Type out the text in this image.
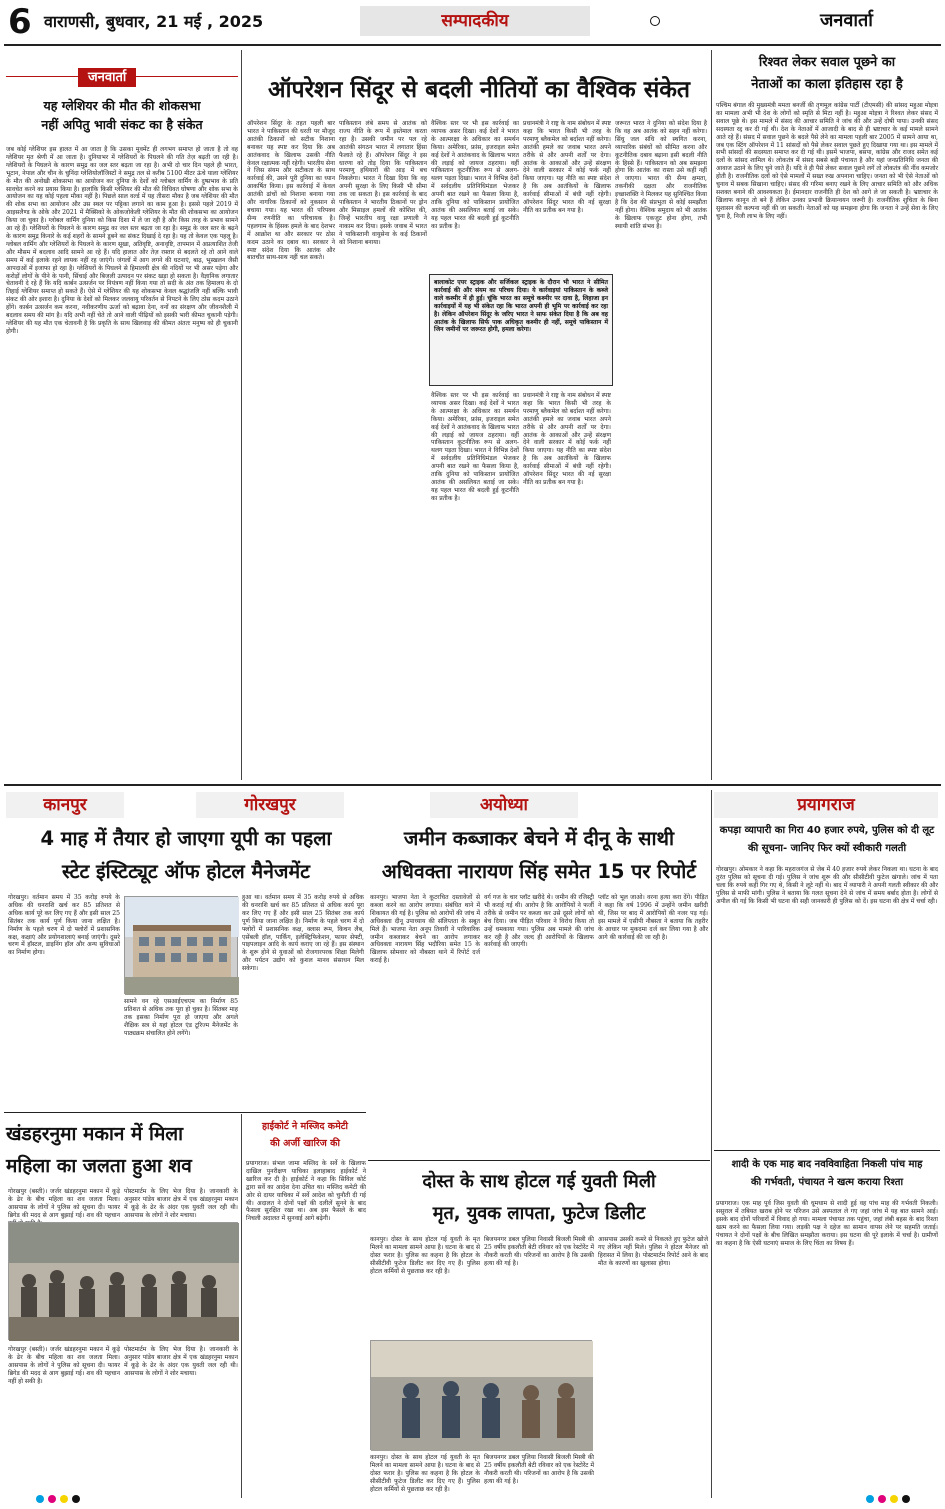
6 वाराणसी, बुधवार, 21 मई , 2025	सम्पादकीय	जनवार्ता
जनवार्ता
यह ग्लेशियर की मौत की शोकसभा
नहीं अपितु भावी संकट का है संकेत
जब कोई ग्लेशियर इस हालत में आ जाता है कि उसका मूवमेंट ही लगभग समाप्त हो जाता है तो वह ग्लेशियर मृत श्रेणी में आ जाता है। दुनियाभर में ग्लेशियरों के पिघलने की गति तेज़ बढ़ती जा रही है। ग्लेशियरों के पिघलने के कारण समुद्र का जल स्तर बढ़ता जा रहा है। अभी दो चार दिन पहले ही भारत, भूटान, नेपाल और चीन के चुनिंदा ग्लेशियोलॉजिस्टों ने समुद्र तल से करीब 5100 मीटर ऊंचे याला ग्लेशियर के मौत की अनोखी शोकसभा का आयोजन कर दुनिया के देशों को ग्लोबल वार्मिंग के दुष्प्रभाव के प्रति सावचेत करने का प्रयास किया है। हालांकि किसी ग्लेशियर की मौत की विधिवत घोषणा और शोक सभा के आयोजन का यह कोई पहला मौका नहीं है। पिछले साल वर्ल्ड में यह तीसरा मौका है जब ग्लेशियर की मौत की शोक सभा का आयोजन और उस स्थल पर पट्टिका लगाने का काम हुआ है। इससे पहले 2019 में आइसलैण्ड के ओके और 2021 में मैक्सिको के ओकजोकेली ग्लेशियर के मौत की शोकसभा का आयोजन किया जा चुका है। ग्लोबल वार्मिंग दुनिया को किस दिशा में ले जा रही है और किस तरह के प्रभाव सामने आ रहे हैं। ग्लेशियरों के पिघलने के कारण समुद्र का जल स्तर बढ़ता जा रहा है। समुद्र के जल स्तर के बढ़ने के कारण समुद्र किनारे के कई शहरों के सामने डूबने का संकट दिखाई दे रहा है। यह तो केवल एक पहलू है। ग्लोबल वार्मिंग और ग्लेशियरों के पिघलने के कारण सूखा, अतिवृष्टि, अनावृष्टि, तापमान में अप्रत्याशित तेजी और मौसम में बदलाव आदि सामने आ रहे हैं। यदि हालात और तेज़ रफ़्तार से बदलते रहे तो आने वाले समय में कई इलाके रहने लायक नहीं रह जाएंगे। जंगलों में आग लगने की घटनाएं, बाढ़, भूस्खलन जैसी आपदाओं में इजाफा हो रहा है। ग्लेशियरों के पिघलने से हिमालयी क्षेत्र की नदियों पर भी असर पड़ेगा और करोड़ों लोगों के पीने के पानी, सिंचाई और बिजली उत्पादन पर संकट खड़ा हो सकता है। वैज्ञानिक लगातार चेतावनी दे रहे हैं कि यदि कार्बन उत्सर्जन पर नियंत्रण नहीं किया गया तो सदी के अंत तक हिमालय के दो तिहाई ग्लेशियर समाप्त हो सकते हैं। ऐसे में ग्लेशियर की यह शोकसभा केवल श्रद्धांजलि नहीं बल्कि भावी संकट की ओर इशारा है। दुनिया के देशों को मिलकर जलवायु परिवर्तन से निपटने के लिए ठोस कदम उठाने होंगे। कार्बन उत्सर्जन कम करना, नवीकरणीय ऊर्जा को बढ़ावा देना, वनों का संरक्षण और जीवनशैली में बदलाव समय की मांग है। यदि अभी नहीं चेते तो आने वाली पीढ़ियों को इसकी भारी कीमत चुकानी पड़ेगी। ग्लेशियर की यह मौत एक चेतावनी है कि प्रकृति के साथ खिलवाड़ की कीमत अंततः मनुष्य को ही चुकानी होगी।
ऑपरेशन सिंदूर से बदली नीतियों का वैश्विक संकेत
ऑपरेशन सिंदूर के तहत पहली बार भारत ने पाकिस्तान की धरती पर मौजूद आतंकी ठिकानों को सटीक निशाना बनाकर यह स्पष्ट कर दिया कि अब आतंकवाद के खिलाफ उसकी नीति केवल रक्षात्मक नहीं रहेगी। भारतीय सेना ने जिस संयम और सटीकता के साथ कार्रवाई की, उसने पूरी दुनिया का ध्यान आकर्षित किया। इस कार्रवाई में केवल आतंकी ढांचों को निशाना बनाया गया और नागरिक ठिकानों को नुकसान से बचाया गया। यह भारत की परिपक्व सैन्य रणनीति का परिचायक है। पहलगाम के हिंसक हमले के बाद देशभर में आक्रोश था और सरकार पर ठोस कदम उठाने का दबाव था। सरकार ने स्पष्ट संदेश दिया कि आतंक और बातचीत साथ-साथ नहीं चल सकते।
पाकिस्तान लंबे समय से आतंक को राज्य नीति के रूप में इस्तेमाल करता रहा है। उसकी जमीन पर पल रहे आतंकी संगठन भारत में लगातार हिंसा फैलाते रहे हैं। ऑपरेशन सिंदूर ने इस धारणा को तोड़ दिया कि पाकिस्तान परमाणु हथियारों की आड़ में बच निकलेगा। भारत ने दिखा दिया कि वह अपनी सुरक्षा के लिए किसी भी सीमा तक जा सकता है। इस कार्रवाई के बाद पाकिस्तान ने भारतीय ठिकानों पर ड्रोन और मिसाइल हमलों की कोशिश की, जिन्हें भारतीय वायु रक्षा प्रणाली ने नाकाम कर दिया। इसके जवाब में भारत ने पाकिस्तानी वायुसेना के कई ठिकानों को निशाना बनाया।
वैश्विक स्तर पर भी इस कार्रवाई का व्यापक असर दिखा। कई देशों ने भारत के आत्मरक्षा के अधिकार का समर्थन किया। अमेरिका, फ्रांस, इजराइल समेत कई देशों ने आतंकवाद के खिलाफ भारत की लड़ाई को जायज ठहराया। वहीं पाकिस्तान कूटनीतिक रूप से अलग-थलग पड़ता दिखा। भारत ने विभिन्न देशों में सर्वदलीय प्रतिनिधिमंडल भेजकर अपनी बात रखने का फैसला किया है, ताकि दुनिया को पाकिस्तान प्रायोजित आतंक की असलियत बताई जा सके। यह पहल भारत की बदली हुई कूटनीति का प्रतीक है।
प्रधानमंत्री ने राष्ट्र के नाम संबोधन में स्पष्ट कहा कि भारत किसी भी तरह के परमाणु ब्लैकमेल को बर्दाश्त नहीं करेगा। आतंकी हमले का जवाब भारत अपने तरीके से और अपनी शर्तों पर देगा। आतंक के आकाओं और उन्हें संरक्षण देने वाली सरकार में कोई फर्क नहीं किया जाएगा। यह नीति का स्पष्ट संदेश है कि अब आतंकियों के खिलाफ कार्रवाई सीमाओं में बंधी नहीं रहेगी। ऑपरेशन सिंदूर भारत की नई सुरक्षा नीति का प्रतीक बन गया है।
जरूरत भारत ने दुनिया को संदेश दिया है कि वह अब आतंक को सहन नहीं करेगा। सिंधु जल संधि को स्थगित करना, व्यापारिक संबंधों को सीमित करना और कूटनीतिक दबाव बढ़ाना इसी बदली नीति के हिस्से हैं। पाकिस्तान को अब समझना होगा कि आतंक का रास्ता उसे कहीं नहीं ले जाएगा। भारत की सैन्य क्षमता, तकनीकी दक्षता और राजनीतिक इच्छाशक्ति ने मिलकर यह सुनिश्चित किया है कि देश की संप्रभुता से कोई समझौता नहीं होगा। वैश्विक समुदाय को भी आतंक के खिलाफ एकजुट होना होगा, तभी स्थायी शांति संभव है।
बालाकोट एयर स्ट्राइक और सर्जिकल स्ट्राइक के दौरान भी भारत ने सीमित कार्रवाई की और संयम का परिचय दिया। ये कार्रवाइयां पाकिस्तान के कब्जे वाले कश्मीर में ही हुईं। चूंकि भारत का समूचे कश्मीर पर दावा है, लिहाजा इन कार्रवाइयों में यह भी संकेत रहा कि भारत अपनी ही भूमि पर कार्रवाई कर रहा है। लेकिन ऑपरेशन सिंदूर के जरिए भारत ने साफ संकेत दिया है कि अब वह आतंक के खिलाफ सिर्फ पाक अधिकृत कश्मीर ही नहीं, समूचे पाकिस्तान में जिन जमीनों पर जरूरत होगी, हमला करेगा।
वैश्विक स्तर पर भी इस कार्रवाई का व्यापक असर दिखा। कई देशों ने भारत के आत्मरक्षा के अधिकार का समर्थन किया। अमेरिका, फ्रांस, इजराइल समेत कई देशों ने आतंकवाद के खिलाफ भारत की लड़ाई को जायज ठहराया। वहीं पाकिस्तान कूटनीतिक रूप से अलग-थलग पड़ता दिखा। भारत ने विभिन्न देशों में सर्वदलीय प्रतिनिधिमंडल भेजकर अपनी बात रखने का फैसला किया है, ताकि दुनिया को पाकिस्तान प्रायोजित आतंक की असलियत बताई जा सके। यह पहल भारत की बदली हुई कूटनीति का प्रतीक है।
प्रधानमंत्री ने राष्ट्र के नाम संबोधन में स्पष्ट कहा कि भारत किसी भी तरह के परमाणु ब्लैकमेल को बर्दाश्त नहीं करेगा। आतंकी हमले का जवाब भारत अपने तरीके से और अपनी शर्तों पर देगा। आतंक के आकाओं और उन्हें संरक्षण देने वाली सरकार में कोई फर्क नहीं किया जाएगा। यह नीति का स्पष्ट संदेश है कि अब आतंकियों के खिलाफ कार्रवाई सीमाओं में बंधी नहीं रहेगी। ऑपरेशन सिंदूर भारत की नई सुरक्षा नीति का प्रतीक बन गया है।
रिश्वत लेकर सवाल पूछने का
नेताओं का काला इतिहास रहा है
पश्चिम बंगाल की मुख्यमंत्री ममता बनर्जी की तृणमूल कांग्रेस पार्टी (टीएमसी) की सांसद महुआ मोइत्रा का मामला अभी भी देश के लोगों को स्मृति से मिटा नहीं है। महुआ मोइत्रा ने रिश्वत लेकर संसद में सवाल पूछे थे। इस मामले में संसद की आचार समिति ने जांच की और उन्हें दोषी पाया। उनकी संसद सदस्यता रद्द कर दी गई थी। देश के नेताओं में आजादी के बाद से ही भ्रष्टाचार के कई मामले सामने आते रहे हैं। संसद में सवाल पूछने के बदले पैसे लेने का मामला पहली बार 2005 में सामने आया था, जब एक स्टिंग ऑपरेशन में 11 सांसदों को पैसे लेकर सवाल पूछते हुए दिखाया गया था। इस मामले में सभी सांसदों की सदस्यता समाप्त कर दी गई थी। इसमें भाजपा, बसपा, कांग्रेस और राजद समेत कई दलों के सांसद शामिल थे। लोकतंत्र में संसद सबसे बड़ी पंचायत है और यहां जनप्रतिनिधि जनता की आवाज उठाने के लिए चुने जाते हैं। यदि वे ही पैसे लेकर सवाल पूछने लगें तो लोकतंत्र की नींव कमजोर होती है। राजनीतिक दलों को ऐसे मामलों में सख्त रुख अपनाना चाहिए। जनता को भी ऐसे नेताओं को चुनाव में सबक सिखाना चाहिए। संसद की गरिमा बनाए रखने के लिए आचार समिति को और अधिक सशक्त बनाने की आवश्यकता है। ईमानदार राजनीति ही देश को आगे ले जा सकती है। भ्रष्टाचार के खिलाफ कानून तो बने हैं लेकिन उनका प्रभावी क्रियान्वयन जरूरी है। राजनीतिक शुचिता के बिना सुशासन की कल्पना नहीं की जा सकती। नेताओं को यह समझना होगा कि जनता ने उन्हें सेवा के लिए चुना है, निजी लाभ के लिए नहीं।
कानपुर	गोरखपुर	अयोध्या	प्रयागराज
4 माह में तैयार हो जाएगा यूपी का पहला
स्टेट इंस्टिट्यूट ऑफ होटल मैनेजमेंट
गोरखपुर। वर्तमान समय में 35 करोड़ रुपये के अधिक की धनराशि खर्च कर 85 प्रतिशत से अधिक कार्य पूरे कर लिए गए हैं और इसी साल 25 सितंबर तक कार्य पूर्ण किया जाना लक्षित है। निर्माण के पहले चरण में दो फ्लोरों में प्रशासनिक कक्ष, कक्षाएं और प्रयोगशालाएं बनाई जाएंगी। दूसरे चरण में हॉस्टल, डाइनिंग हॉल और अन्य सुविधाओं का निर्माण होगा।
सामने वन रहे एसआईएचएम का निर्माण 85 प्रतिशत से अधिक तक पूरा हो चुका है। सिंतबर माह तक इसका निर्माण पूरा हो जाएगा और अगले शैक्षिक सत्र से यहां होटल एंड टूरिज्म मैनेजमेंट के पाठ्यक्रम संचालित होने लगेंगे।
हुआ था। वर्तमान समय में 35 करोड़ रुपये से अधिक की धनराशि खर्च कर 85 प्रतिशत से अधिक कार्य पूरा कर लिए गए हैं और इसी साल 25 सितंबर तक कार्य पूर्ण किया जाना लक्षित है। निर्माण के पहले चरण में दो फ्लोरों में प्रशासनिक कक्ष, क्लास रूम, किचन लैब, एसेंबली हॉल, पार्किंग, इलेक्ट्रिफिकेशन, फायर सेफ्टी, पाइपलाइन आदि के कार्य कराए जा रहे हैं। इस संस्थान के शुरू होने से युवाओं को रोजगारपरक शिक्षा मिलेगी और पर्यटन उद्योग को कुशल मानव संसाधन मिल सकेगा।
जमीन कब्जाकर बेचने में दीनू के साथी
अधिवक्ता नारायण सिंह समेत 15 पर रिपोर्ट
कानपुर। भाजपा नेता ने कूटरचित दस्तावेजों से कब्जा करने का आरोप लगाया। संबंधित थाने में शिकायत की गई है। पुलिस को आरोपों की जांच में अधिवक्ता दीनू उपाध्याय की संलिप्तता के सबूत मिले हैं। भाजपा नेता अनूप तिवारी ने पारिवारिक जमीन कब्जाकर बेचने का आरोप लगाकर अधिवक्ता नारायण सिंह भदौरिया समेत 15 के खिलाफ सोमवार को नौबस्ता थाने में रिपोर्ट दर्ज कराई है।
वर्ग गज के चार प्लॉट खरीदे थे। जमीन की रजिस्ट्री भी कराई गई थी। आरोप है कि आरोपियों ने फर्जी तरीके से जमीन पर कब्जा कर उसे दूसरे लोगों को बेच दिया। जब पीड़ित परिवार ने विरोध किया तो उन्हें धमकाया गया। पुलिस अब मामले की जांच कर रही है और जल्द ही आरोपियों के खिलाफ कार्रवाई की जाएगी।
प्लॉट को भूल जाओ। वरना हत्या करा देंगे। पीड़ित ने कहा कि वर्ष 1996 में उन्होंने जमीन खरीदी थी, जिस पर बाद में आरोपियों की नजर पड़ गई। इस मामले में एसीपी नौबस्ता ने बताया कि तहरीर के आधार पर मुकदमा दर्ज कर लिया गया है और आगे की कार्रवाई की जा रही है।
कपड़ा व्यापारी का गिरा 40 हजार रुपये, पुलिस को दी लूट
की सूचना- जानिए फिर क्यों स्वीकारी गलती
गोरखपुर। ओमकार ने कहा कि महराजगंज से जेब में 40 हजार रुपये लेकर निकला था। घटना के बाद तुरंत पुलिस को सूचना दी गई। पुलिस ने जांच शुरू की और सीसीटीवी फुटेज खंगाले। जांच में पता चला कि रुपये कहीं गिर गए थे, किसी ने लूटे नहीं थे। बाद में व्यापारी ने अपनी गलती स्वीकार की और पुलिस से माफी मांगी। पुलिस ने बताया कि गलत सूचना देने से जांच में समय बर्बाद होता है। लोगों से अपील की गई कि किसी भी घटना की सही जानकारी ही पुलिस को दें। इस घटना की क्षेत्र में चर्चा रही।
खंडहरनुमा मकान में मिला
महिला का जलता हुआ शव
गोरखपुर (बस्ती)। जर्जर खंडहरनुमा मकान में कूड़े के ढेर के बीच महिला का शव जलता मिला। आसपास के लोगों ने पुलिस को सूचना दी। फायर ब्रिगेड की मदद से आग बुझाई गई। शव की पहचान
पोस्टमार्टम के लिए भेज दिया है। जानकारी के अनुसार पांडेय बाजार क्षेत्र में एक खंडहरनुमा मकान में कूड़े के ढेर के अंदर एक युवती जल रही थी। आसपास के लोगों ने शोर मचाया।
गोरखपुर (बस्ती)। जर्जर खंडहरनुमा मकान में कूड़े के ढेर के बीच महिला का शव जलता मिला। आसपास के लोगों ने पुलिस को सूचना दी। फायर ब्रिगेड की मदद से आग बुझाई गई। शव की पहचान नहीं हो सकी है।
पोस्टमार्टम के लिए भेज दिया है। जानकारी के अनुसार पांडेय बाजार क्षेत्र में एक खंडहरनुमा मकान में कूड़े के ढेर के अंदर एक युवती जल रही थी। आसपास के लोगों ने शोर मचाया।
हाईकोर्ट ने मस्जिद कमेटी
की अर्जी खारिज की
प्रयागराज। संभल जामा मस्जिद के सर्वे के खिलाफ दाखिल पुनरीक्षण याचिका इलाहाबाद हाईकोर्ट ने खारिज कर दी है। हाईकोर्ट ने कहा कि सिविल कोर्ट द्वारा सर्वे का आदेश देना उचित था। मस्जिद कमेटी की ओर से दायर याचिका में सर्वे आदेश को चुनौती दी गई थी। अदालत ने दोनों पक्षों की दलीलें सुनने के बाद फैसला सुरक्षित रखा था। अब इस फैसले के बाद निचली अदालत में सुनवाई आगे बढ़ेगी।
दोस्त के साथ होटल गई युवती मिली
मृत, युवक लापता, फुटेज डिलीट
कानपुर। दोस्त के साथ होटल गई युवती के मृत मिलने का मामला सामने आया है। घटना के बाद से दोस्त फरार है। पुलिस का कहना है कि होटल के सीसीटीवी फुटेज डिलीट कर दिए गए हैं। पुलिस होटल कर्मियों से पूछताछ कर रही है।
बिजयनगर डबल पुलिया निवासी बिजली मिस्त्री की 25 वर्षीय इकलौती बेटी रविवार को एक रेस्टोरेंट में नौकरी करती थी। परिजनों का आरोप है कि उसकी हत्या की गई है।
आसपास उसकी कमरे से निकलते हुए फुटेज खोजे गए लेकिन नहीं मिले। पुलिस ने होटल मैनेजर को हिरासत में लिया है। पोस्टमार्टम रिपोर्ट आने के बाद मौत के कारणों का खुलासा होगा।
कानपुर। दोस्त के साथ होटल गई युवती के मृत मिलने का मामला सामने आया है। घटना के बाद से दोस्त फरार है। पुलिस का कहना है कि होटल के सीसीटीवी फुटेज डिलीट कर दिए गए हैं। पुलिस होटल कर्मियों से पूछताछ कर रही है।
बिजयनगर डबल पुलिया निवासी बिजली मिस्त्री की 25 वर्षीय इकलौती बेटी रविवार को एक रेस्टोरेंट में नौकरी करती थी। परिजनों का आरोप है कि उसकी हत्या की गई है।
शादी के एक माह बाद नवविवाहिता निकली पांच माह
की गर्भवती, पंचायत ने खत्म कराया रिश्ता
प्रयागराज। एक माह पूर्व जिस युवती की धूमधाम से शादी हुई वह पांच माह की गर्भवती निकली। ससुराल में तबियत खराब होने पर परिजन उसे अस्पताल ले गए जहां जांच में यह बात सामने आई। इसके बाद दोनों परिवारों में विवाद हो गया। मामला पंचायत तक पहुंचा, जहां लंबी बहस के बाद रिश्ता खत्म करने का फैसला लिया गया। लड़की पक्ष ने दहेज का सामान वापस लेने पर सहमति जताई। पंचायत ने दोनों पक्षों के बीच लिखित समझौता कराया। इस घटना की पूरे इलाके में चर्चा है। ग्रामीणों का कहना है कि ऐसी घटनाएं समाज के लिए चिंता का विषय हैं।
